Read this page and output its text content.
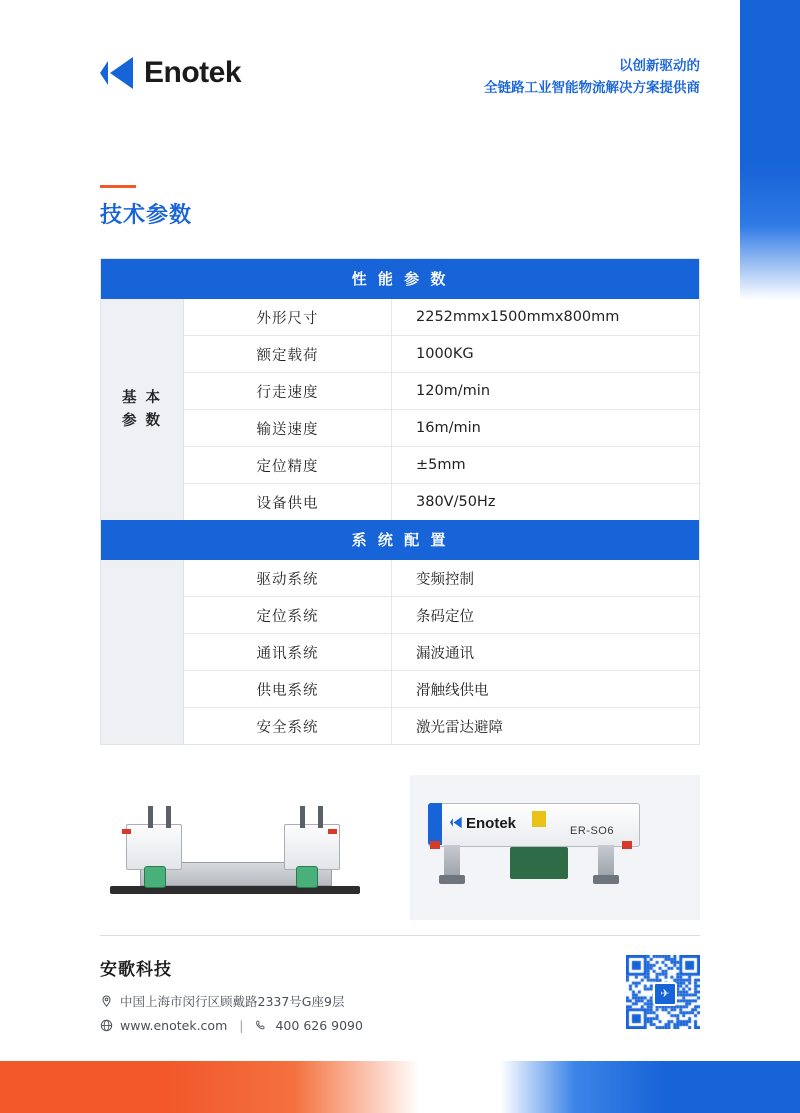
Enotek	以创新驱动的
全链路工业智能物流解决方案提供商
技术参数
性 能 参 数
基 本
参 数
外形尺寸	2252mmx1500mmx800mm
额定载荷	1000KG
行走速度	120m/min
输送速度	16m/min
定位精度	±5mm
设备供电	380V/50Hz
系 统 配 置
驱动系统	变频控制
定位系统	条码定位
通讯系统	漏波通讯
供电系统	滑触线供电
安全系统	激光雷达避障
Enotek	ER-SO6
安歌科技
中国上海市闵行区顾戴路2337号G座9层
www.enotek.com |	400 626 9090
✈
